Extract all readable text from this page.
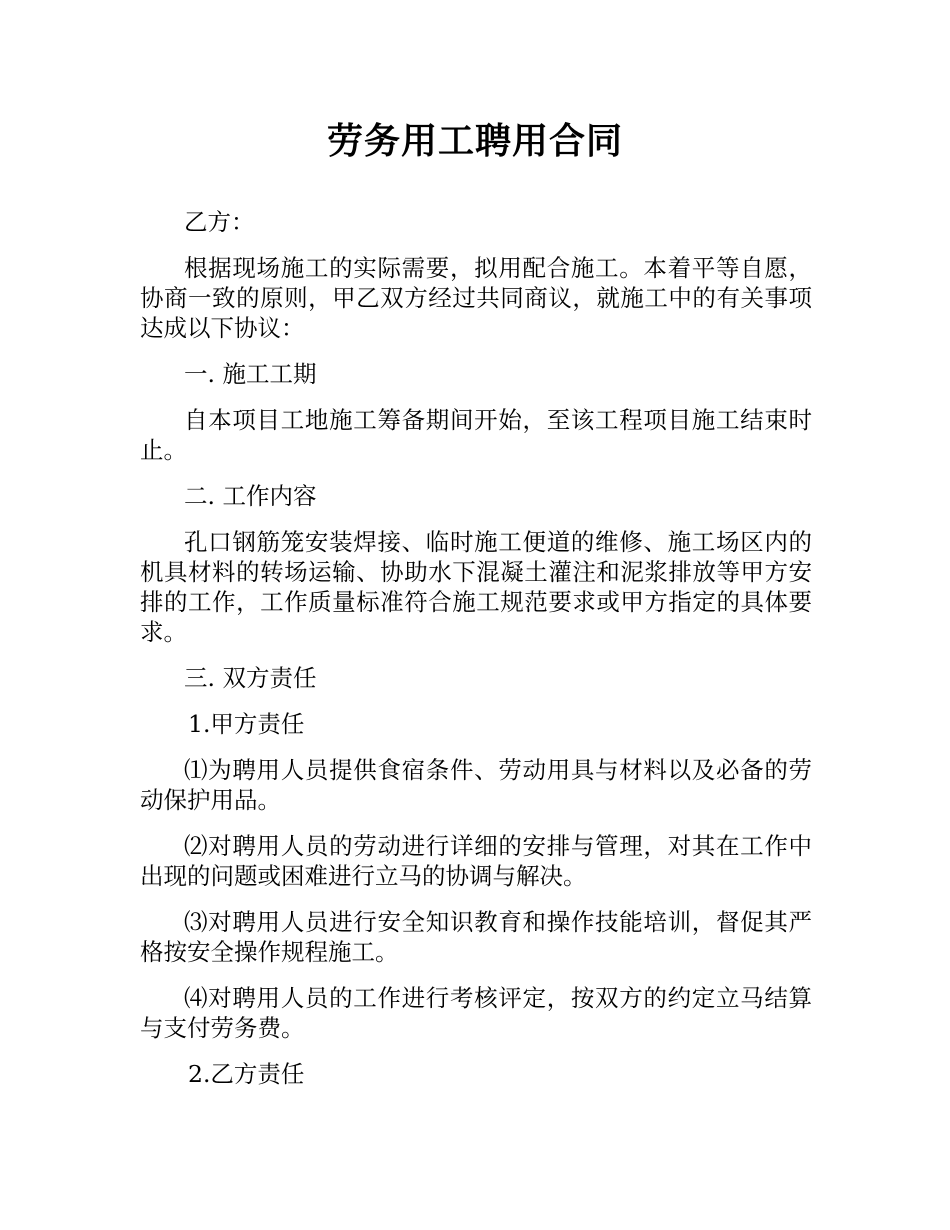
劳务用工聘用合同

乙方：

根据现场施工的实际需要，拟用配合施工。本着平等自愿，协商一致的原则，甲乙双方经过共同商议，就施工中的有关事项达成以下协议：

一. 施工工期

自本项目工地施工筹备期间开始，至该工程项目施工结束时止。

二. 工作内容

孔口钢筋笼安装焊接、临时施工便道的维修、施工场区内的机具材料的转场运输、协助水下混凝土灌注和泥浆排放等甲方安排的工作，工作质量标准符合施工规范要求或甲方指定的具体要求。

三. 双方责任

1.甲方责任

⑴为聘用人员提供食宿条件、劳动用具与材料以及必备的劳动保护用品。

⑵对聘用人员的劳动进行详细的安排与管理，对其在工作中出现的问题或困难进行立马的协调与解决。

⑶对聘用人员进行安全知识教育和操作技能培训，督促其严格按安全操作规程施工。

⑷对聘用人员的工作进行考核评定，按双方的约定立马结算与支付劳务费。

2.乙方责任
